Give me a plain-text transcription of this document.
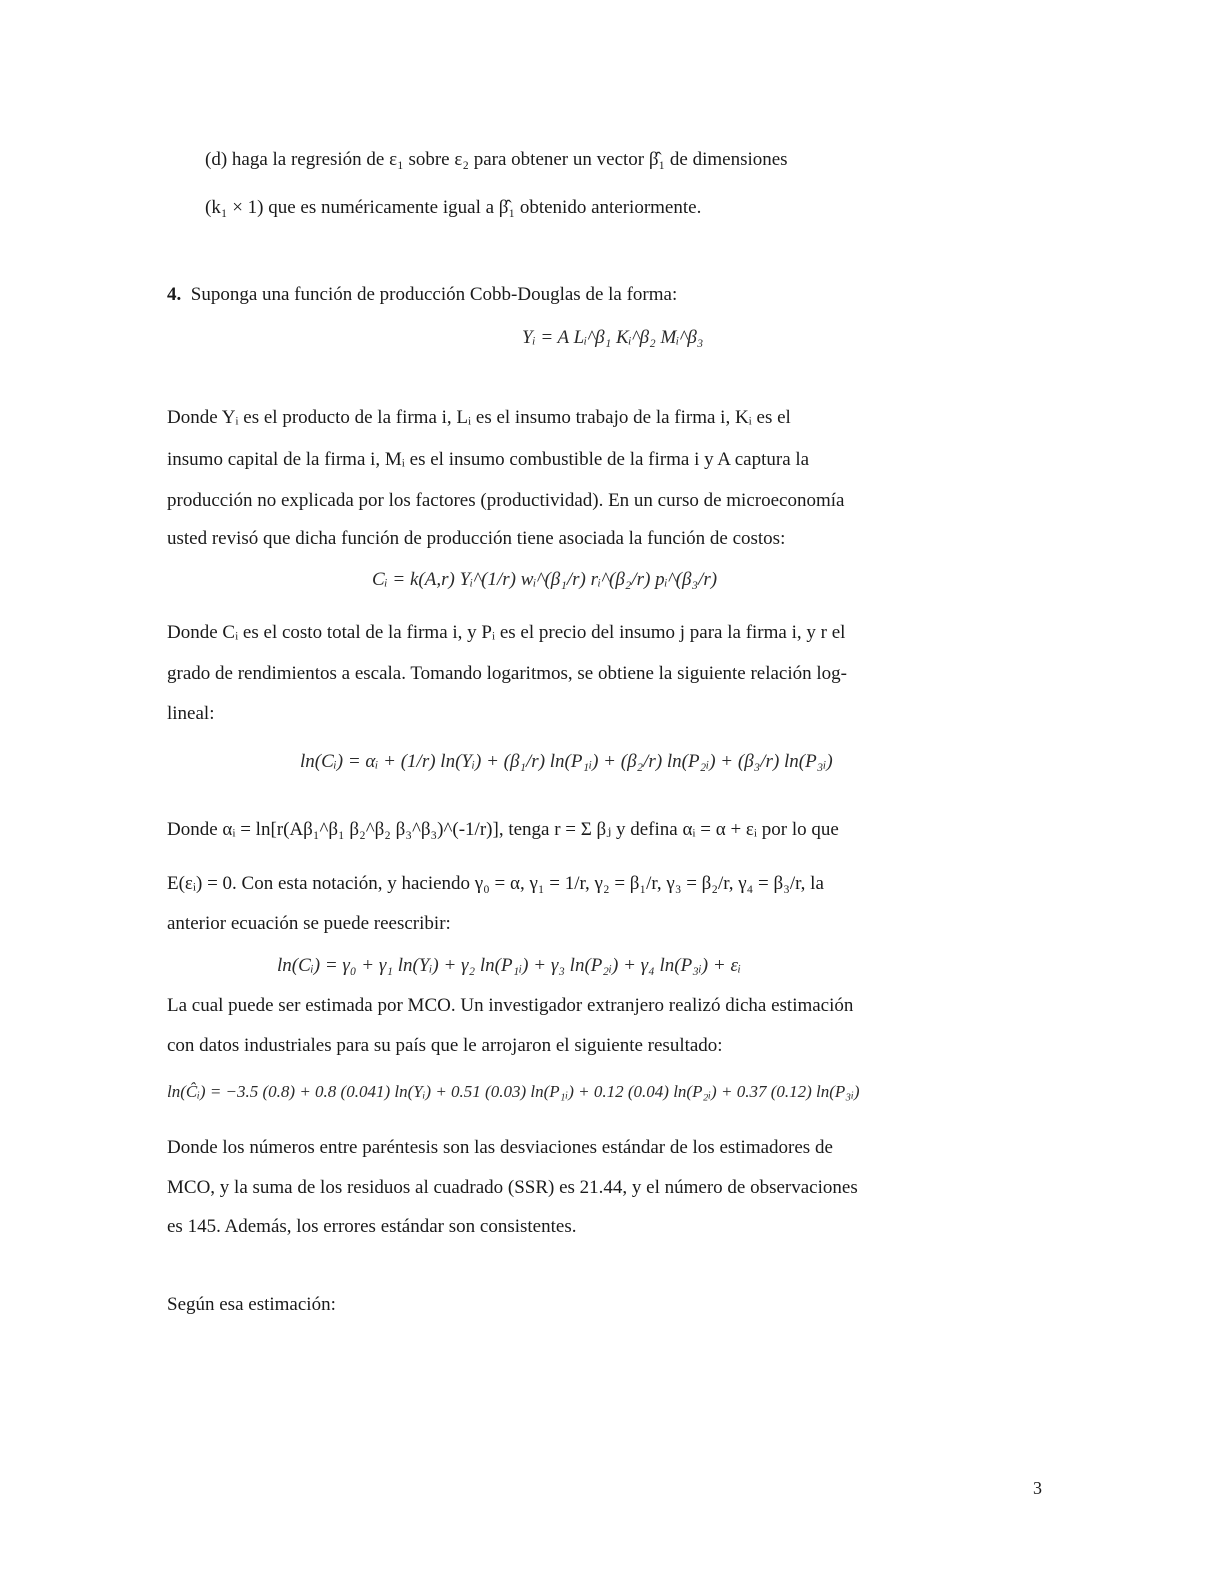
(d) haga la regresión de ε₁ sobre ε₂ para obtener un vector β̂₁ de dimensiones
(k₁ × 1) que es numéricamente igual a β̂₁ obtenido anteriormente.
4. Suponga una función de producción Cobb-Douglas de la forma:
Yᵢ = A Lᵢ^β₁ Kᵢ^β₂ Mᵢ^β₃
Donde Yᵢ es el producto de la firma i, Lᵢ es el insumo trabajo de la firma i, Kᵢ es el
insumo capital de la firma i, Mᵢ es el insumo combustible de la firma i y A captura la
producción no explicada por los factores (productividad). En un curso de microeconomía
usted revisó que dicha función de producción tiene asociada la función de costos:
Cᵢ = k(A,r) Yᵢ^(1/r) wᵢ^(β₁/r) rᵢ^(β₂/r) pᵢ^(β₃/r)
Donde Cᵢ es el costo total de la firma i, y Pᵢ es el precio del insumo j para la firma i, y r el
grado de rendimientos a escala. Tomando logaritmos, se obtiene la siguiente relación log-
lineal:
ln(Cᵢ) = αᵢ + (1/r) ln(Yᵢ) + (β₁/r) ln(P₁ᵢ) + (β₂/r) ln(P₂ᵢ) + (β₃/r) ln(P₃ᵢ)
Donde αᵢ = ln[r(Aβ₁^β₁ β₂^β₂ β₃^β₃)^(-1/r)], tenga r = Σ βⱼ y defina αᵢ = α + εᵢ por lo que
E(εᵢ) = 0. Con esta notación, y haciendo γ₀ = α, γ₁ = 1/r, γ₂ = β₁/r, γ₃ = β₂/r, γ₄ = β₃/r, la
anterior ecuación se puede reescribir:
ln(Cᵢ) = γ₀ + γ₁ ln(Yᵢ) + γ₂ ln(P₁ᵢ) + γ₃ ln(P₂ᵢ) + γ₄ ln(P₃ᵢ) + εᵢ
La cual puede ser estimada por MCO. Un investigador extranjero realizó dicha estimación
con datos industriales para su país que le arrojaron el siguiente resultado:
ln(Ĉᵢ) = −3.5 (0.8) + 0.8 (0.041) ln(Yᵢ) + 0.51 (0.03) ln(P₁ᵢ) + 0.12 (0.04) ln(P₂ᵢ) + 0.37 (0.12) ln(P₃ᵢ)
Donde los números entre paréntesis son las desviaciones estándar de los estimadores de
MCO, y la suma de los residuos al cuadrado (SSR) es 21.44, y el número de observaciones
es 145. Además, los errores estándar son consistentes.
Según esa estimación:
3
